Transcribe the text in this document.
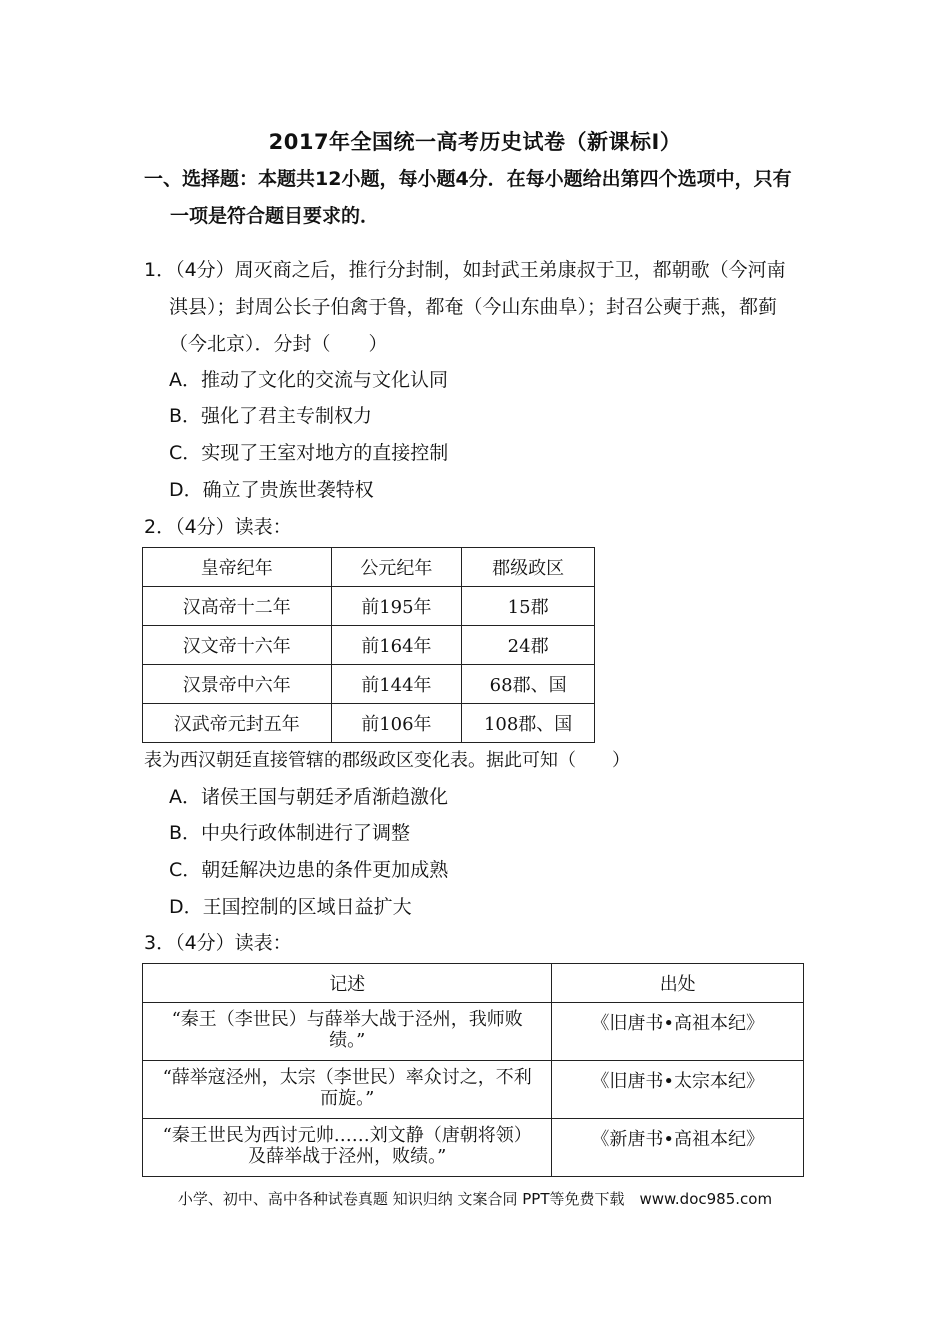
2017年全国统一高考历史试卷（新课标I）
一、选择题：本题共12小题，每小题4分．在每小题给出第四个选项中，只有
一项是符合题目要求的．
1．（4分）周灭商之后，推行分封制，如封武王弟康叔于卫，都朝歌（今河南
淇县）；封周公长子伯禽于鲁，都奄（今山东曲阜）；封召公奭于燕，都蓟
（今北京）．分封（　　）
A．推动了文化的交流与文化认同
B．强化了君主专制权力
C．实现了王室对地方的直接控制
D．确立了贵族世袭特权
2．（4分）读表：
皇帝纪年	公元纪年	郡级政区
汉高帝十二年	前195年	15郡
汉文帝十六年	前164年	24郡
汉景帝中六年	前144年	68郡、国
汉武帝元封五年	前106年	108郡、国
表为西汉朝廷直接管辖的郡级政区变化表。据此可知（　　）
A．诸侯王国与朝廷矛盾渐趋激化
B．中央行政体制进行了调整
C．朝廷解决边患的条件更加成熟
D．王国控制的区域日益扩大
3．（4分）读表：
记述	出处
“秦王（李世民）与薛举大战于泾州，我师败绩。”	《旧唐书•高祖本纪》
“薛举寇泾州，太宗（李世民）率众讨之，不利而旋。”	《旧唐书•太宗本纪》
“秦王世民为西讨元帅……刘文静（唐朝将领）及薛举战于泾州，败绩。”	《新唐书•高祖本纪》
小学、初中、高中各种试卷真题 知识归纳 文案合同 PPT等免费下载　www.doc985.com
